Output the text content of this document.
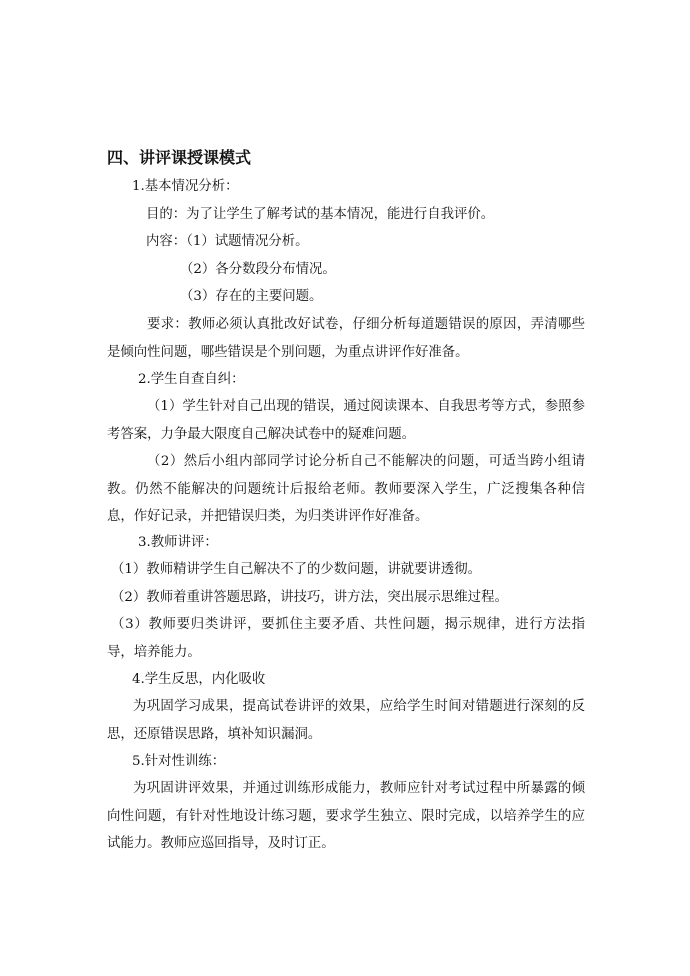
四、讲评课授课模式
1.基本情况分析：
目的：为了让学生了解考试的基本情况，能进行自我评价。
内容：（1）试题情况分析。
（2）各分数段分布情况。
（3）存在的主要问题。
要求：教师必须认真批改好试卷，仔细分析每道题错误的原因，弄清哪些是倾向性问题，哪些错误是个别问题，为重点讲评作好准备。
2.学生自查自纠：
（1）学生针对自己出现的错误，通过阅读课本、自我思考等方式，参照参考答案，力争最大限度自己解决试卷中的疑难问题。
（2）然后小组内部同学讨论分析自己不能解决的问题，可适当跨小组请教。仍然不能解决的问题统计后报给老师。教师要深入学生，广泛搜集各种信息，作好记录，并把错误归类，为归类讲评作好准备。
3.教师讲评：
（1）教师精讲学生自己解决不了的少数问题，讲就要讲透彻。
（2）教师着重讲答题思路，讲技巧，讲方法，突出展示思维过程。
（3）教师要归类讲评，要抓住主要矛盾、共性问题，揭示规律，进行方法指导，培养能力。
4.学生反思，内化吸收
为巩固学习成果，提高试卷讲评的效果，应给学生时间对错题进行深刻的反思，还原错误思路，填补知识漏洞。
5.针对性训练：
为巩固讲评效果，并通过训练形成能力，教师应针对考试过程中所暴露的倾向性问题，有针对性地设计练习题，要求学生独立、限时完成，以培养学生的应试能力。教师应巡回指导，及时订正。
